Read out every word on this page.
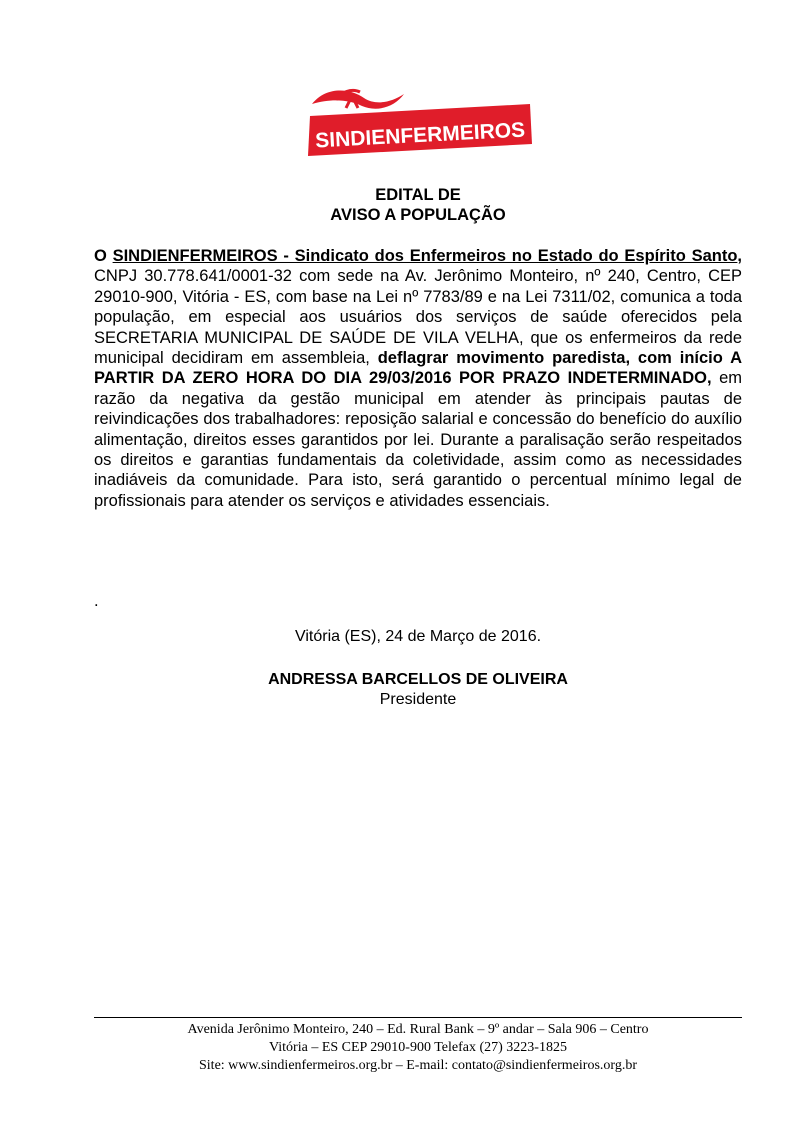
SINDIENFERMEIROS
EDITAL DE
AVISO A POPULAÇÃO
O SINDIENFERMEIROS - Sindicato dos Enfermeiros no Estado do Espírito Santo, CNPJ 30.778.641/0001-32 com sede na Av. Jerônimo Monteiro, nº 240, Centro, CEP 29010-900, Vitória - ES, com base na Lei nº 7783/89 e na Lei 7311/02, comunica a toda população, em especial aos usuários dos serviços de saúde oferecidos pela SECRETARIA MUNICIPAL DE SAÚDE DE VILA VELHA, que os enfermeiros da rede municipal decidiram em assembleia, deflagrar movimento paredista, com início A PARTIR DA ZERO HORA DO DIA 29/03/2016 POR PRAZO INDETERMINADO, em razão da negativa da gestão municipal em atender às principais pautas de reivindicações dos trabalhadores: reposição salarial e concessão do benefício do auxílio alimentação, direitos esses garantidos por lei. Durante a paralisação serão respeitados os direitos e garantias fundamentais da coletividade, assim como as necessidades inadiáveis da comunidade. Para isto, será garantido o percentual mínimo legal de profissionais para atender os serviços e atividades essenciais.
.
Vitória (ES), 24 de Março de 2016.
ANDRESSA BARCELLOS DE OLIVEIRA
Presidente
Avenida Jerônimo Monteiro, 240 – Ed. Rural Bank – 9º andar – Sala 906 – Centro
Vitória – ES CEP 29010-900 Telefax (27) 3223-1825
Site: www.sindienfermeiros.org.br – E-mail: contato@sindienfermeiros.org.br
